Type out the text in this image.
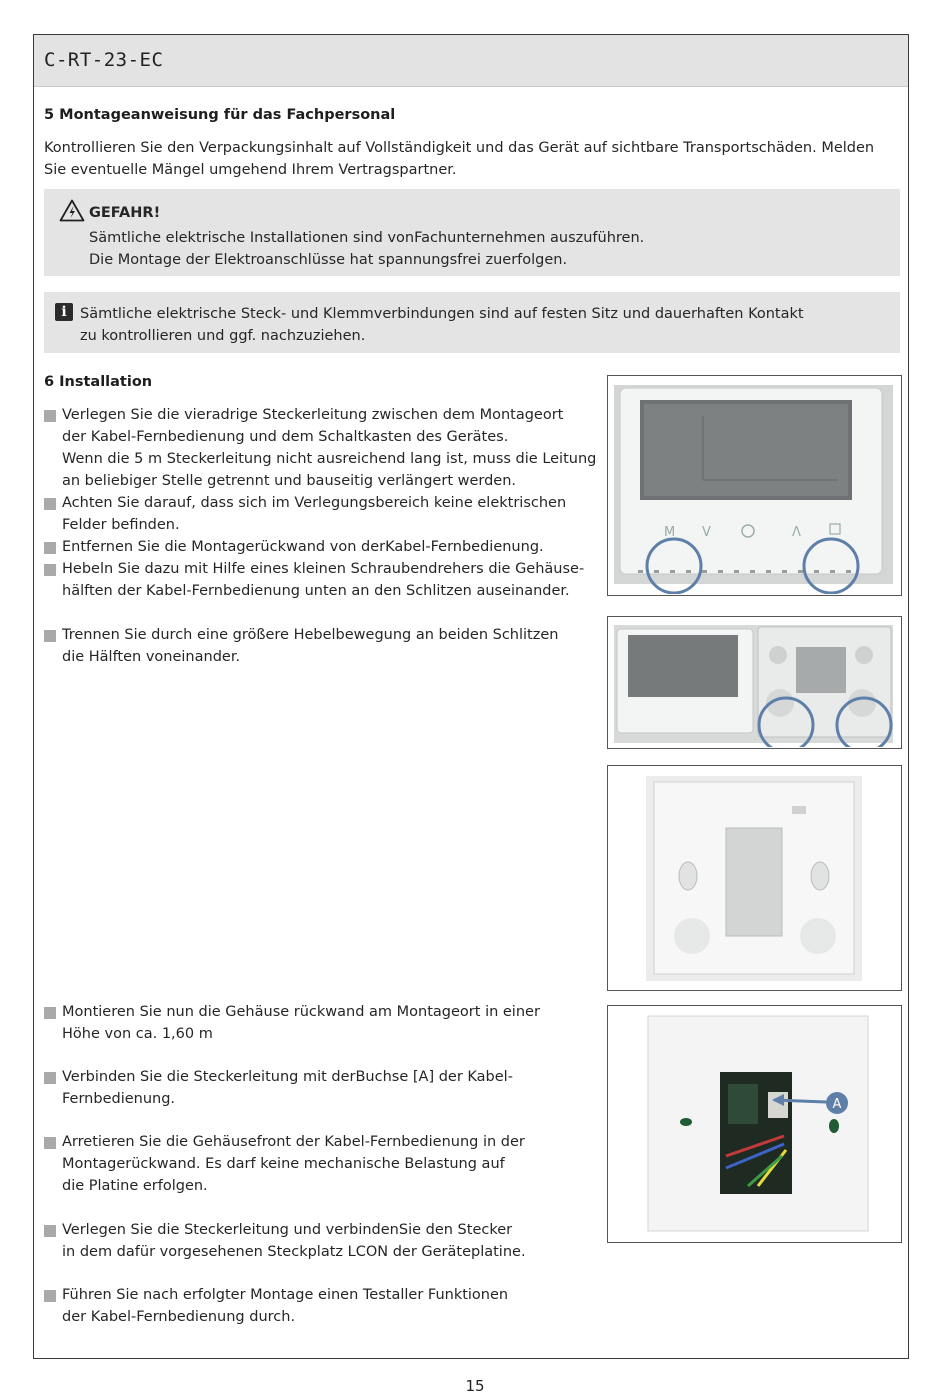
C-RT-23-EC
5 Montageanweisung für das Fachpersonal
Kontrollieren Sie den Verpackungsinhalt auf Vollständigkeit und das Gerät auf sichtbare Transportschäden. Melden
Sie eventuelle Mängel umgehend Ihrem Vertragspartner.
GEFAHR!
Sämtliche elektrische Installationen sind vonFachunternehmen auszuführen.
Die Montage der Elektroanschlüsse hat spannungsfrei zuerfolgen.
i Sämtliche elektrische Steck- und Klemmverbindungen sind auf festen Sitz und dauerhaften Kontakt
zu kontrollieren und ggf. nachzuziehen.
6 Installation
Verlegen Sie die vieradrige Steckerleitung zwischen dem Montageort
der Kabel-Fernbedienung und dem Schaltkasten des Gerätes.
Wenn die 5 m Steckerleitung nicht ausreichend lang ist, muss die Leitung
an beliebiger Stelle getrennt und bauseitig verlängert werden.
Achten Sie darauf, dass sich im Verlegungsbereich keine elektrischen
Felder befinden.
Entfernen Sie die Montagerückwand von derKabel-Fernbedienung.
Hebeln Sie dazu mit Hilfe eines kleinen Schraubendrehers die Gehäuse-
hälften der Kabel-Fernbedienung unten an den Schlitzen auseinander.
Trennen Sie durch eine größere Hebelbewegung an beiden Schlitzen
die Hälften voneinander.
Montieren Sie nun die Gehäuse rückwand am Montageort in einer
Höhe von ca. 1,60 m
Verbinden Sie die Steckerleitung mit derBuchse [A] der Kabel-
Fernbedienung.
Arretieren Sie die Gehäusefront der Kabel-Fernbedienung in der
Montagerückwand. Es darf keine mechanische Belastung auf
die Platine erfolgen.
Verlegen Sie die Steckerleitung und verbindenSie den Stecker
in dem dafür vorgesehenen Steckplatz LCON der Geräteplatine.
Führen Sie nach erfolgter Montage einen Testaller Funktionen
der Kabel-Fernbedienung durch.
M V	Λ
A
15
